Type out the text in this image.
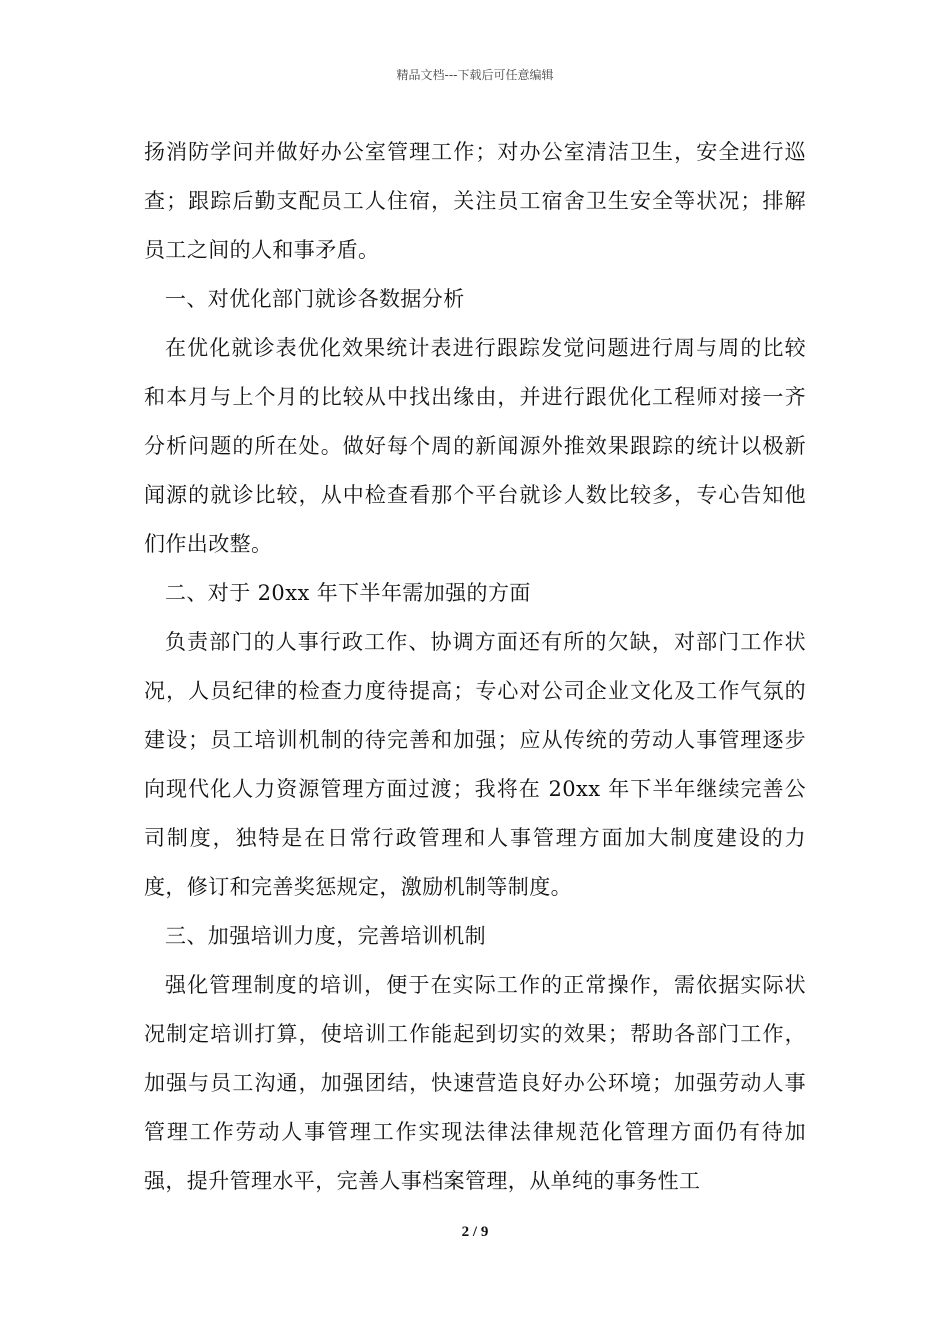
精品文档---下载后可任意编辑

扬消防学问并做好办公室管理工作；对办公室清洁卫生，安全进行巡查；跟踪后勤支配员工人住宿，关注员工宿舍卫生安全等状况；排解员工之间的人和事矛盾。

一、对优化部门就诊各数据分析

在优化就诊表优化效果统计表进行跟踪发觉问题进行周与周的比较和本月与上个月的比较从中找出缘由，并进行跟优化工程师对接一齐分析问题的所在处。做好每个周的新闻源外推效果跟踪的统计以极新闻源的就诊比较，从中检查看那个平台就诊人数比较多，专心告知他们作出改整。

二、对于 20xx 年下半年需加强的方面

负责部门的人事行政工作、协调方面还有所的欠缺，对部门工作状况，人员纪律的检查力度待提高；专心对公司企业文化及工作气氛的建设；员工培训机制的待完善和加强；应从传统的劳动人事管理逐步向现代化人力资源管理方面过渡；我将在 20xx 年下半年继续完善公司制度，独特是在日常行政管理和人事管理方面加大制度建设的力度，修订和完善奖惩规定，激励机制等制度。

三、加强培训力度，完善培训机制

强化管理制度的培训，便于在实际工作的正常操作，需依据实际状况制定培训打算，使培训工作能起到切实的效果；帮助各部门工作，加强与员工沟通，加强团结，快速营造良好办公环境；加强劳动人事管理工作劳动人事管理工作实现法律法律规范化管理方面仍有待加强，提升管理水平，完善人事档案管理，从单纯的事务性工

2 / 9
